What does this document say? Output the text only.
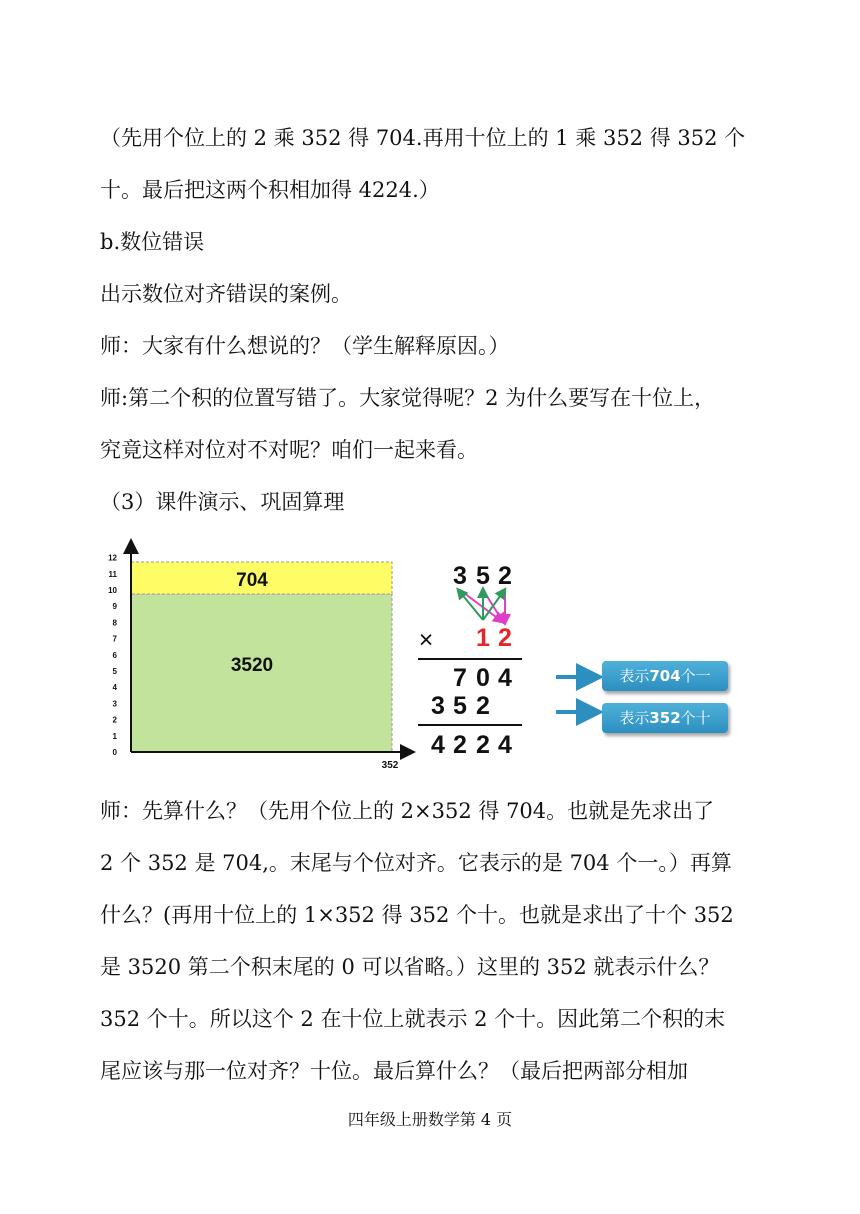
（先用个位上的 2 乘 352 得 704.再用十位上的 1 乘 352 得 352 个

十。最后把这两个积相加得 4224.）

b.数位错误

出示数位对齐错误的案例。

师：大家有什么想说的？（学生解释原因。）

师:第二个积的位置写错了。大家觉得呢？2 为什么要写在十位上，

究竟这样对位对不对呢？咱们一起来看。

（3）课件演示、巩固算理

704
3520
0
1
2
3
4
5
6
7
8
9
10
11
12
352
3 5 2
× 1 2
7 0 4
3 5 2
4 2 2 4
表示704个一
表示352个十

师：先算什么？（先用个位上的 2×352 得 704。也就是先求出了

2 个 352 是 704,。末尾与个位对齐。它表示的是 704 个一。）再算

什么？(再用十位上的 1×352 得 352 个十。也就是求出了十个 352

是 3520 第二个积末尾的 0 可以省略。）这里的 352 就表示什么？

352 个十。所以这个 2 在十位上就表示 2 个十。因此第二个积的末

尾应该与那一位对齐？十位。最后算什么？（最后把两部分相加

四年级上册数学第 4 页
